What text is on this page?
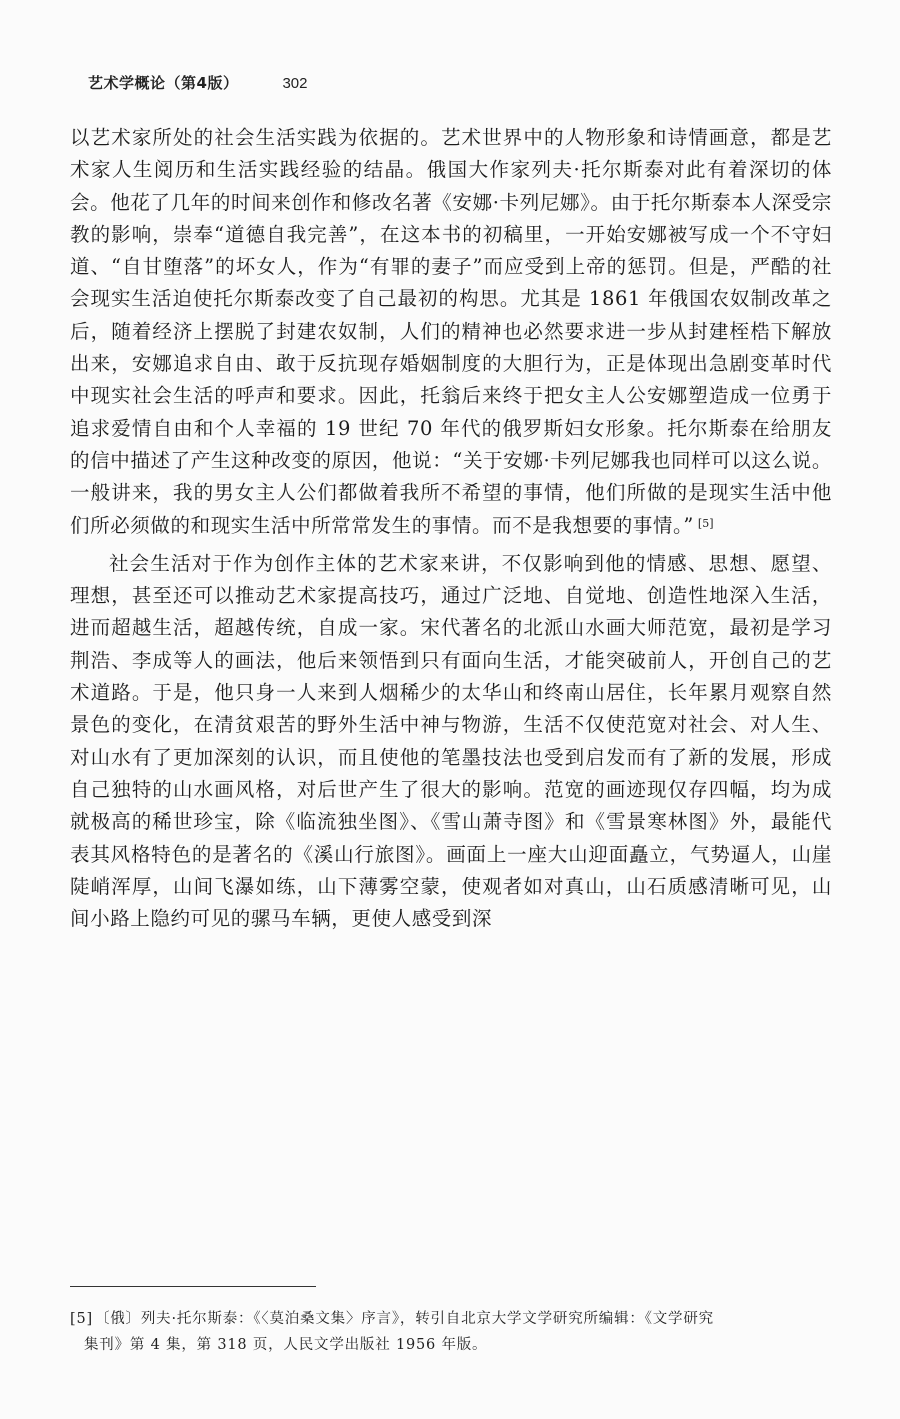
艺术学概论（第4版）	302

以艺术家所处的社会生活实践为依据的。艺术世界中的人物形象和诗情画意，都是艺术家人生阅历和生活实践经验的结晶。俄国大作家列夫·托尔斯泰对此有着深切的体会。他花了几年的时间来创作和修改名著《安娜·卡列尼娜》。由于托尔斯泰本人深受宗教的影响，崇奉“道德自我完善”，在这本书的初稿里，一开始安娜被写成一个不守妇道、“自甘堕落”的坏女人，作为“有罪的妻子”而应受到上帝的惩罚。但是，严酷的社会现实生活迫使托尔斯泰改变了自己最初的构思。尤其是 1861 年俄国农奴制改革之后，随着经济上摆脱了封建农奴制，人们的精神也必然要求进一步从封建桎梏下解放出来，安娜追求自由、敢于反抗现存婚姻制度的大胆行为，正是体现出急剧变革时代中现实社会生活的呼声和要求。因此，托翁后来终于把女主人公安娜塑造成一位勇于追求爱情自由和个人幸福的 19 世纪 70 年代的俄罗斯妇女形象。托尔斯泰在给朋友的信中描述了产生这种改变的原因，他说：“关于安娜·卡列尼娜我也同样可以这么说。一般讲来，我的男女主人公们都做着我所不希望的事情，他们所做的是现实生活中他们所必须做的和现实生活中所常常发生的事情。而不是我想要的事情。” [5]

社会生活对于作为创作主体的艺术家来讲，不仅影响到他的情感、思想、愿望、理想，甚至还可以推动艺术家提高技巧，通过广泛地、自觉地、创造性地深入生活，进而超越生活，超越传统，自成一家。宋代著名的北派山水画大师范宽，最初是学习荆浩、李成等人的画法，他后来领悟到只有面向生活，才能突破前人，开创自己的艺术道路。于是，他只身一人来到人烟稀少的太华山和终南山居住，长年累月观察自然景色的变化，在清贫艰苦的野外生活中神与物游，生活不仅使范宽对社会、对人生、对山水有了更加深刻的认识，而且使他的笔墨技法也受到启发而有了新的发展，形成自己独特的山水画风格，对后世产生了很大的影响。范宽的画迹现仅存四幅，均为成就极高的稀世珍宝，除《临流独坐图》、《雪山萧寺图》和《雪景寒林图》外，最能代表其风格特色的是著名的《溪山行旅图》。画面上一座大山迎面矗立，气势逼人，山崖陡峭浑厚，山间飞瀑如练，山下薄雾空蒙，使观者如对真山，山石质感清晰可见，山间小路上隐约可见的骡马车辆，更使人感受到深

[5] 〔俄〕列夫·托尔斯泰：《〈莫泊桑文集〉序言》，转引自北京大学文学研究所编辑：《文学研究
集刊》第 4 集，第 318 页，人民文学出版社 1956 年版。
